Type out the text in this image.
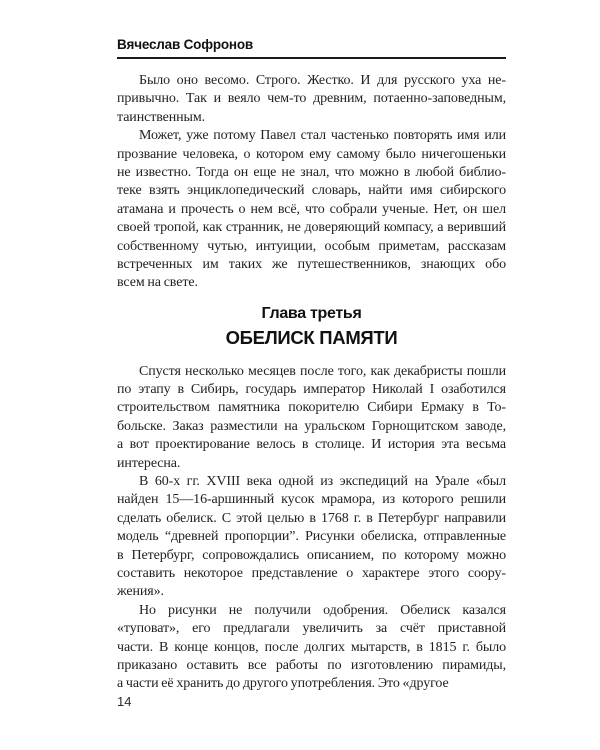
Вячеслав Софронов
Было оно весомо. Строго. Жестко. И для русского уха не-
привычно. Так и веяло чем-то древним, потаенно-заповедным,
таинственным.
Может, уже потому Павел стал частенько повторять имя или
прозвание человека, о котором ему самому было ничегошеньки
не известно. Тогда он еще не знал, что можно в любой библио-
теке взять энциклопедический словарь, найти имя сибирского
атамана и прочесть о нем всё, что собрали ученые. Нет, он шел
своей тропой, как странник, не доверяющий компасу, а веривший
собственному чутью, интуиции, особым приметам, рассказам
встреченных им таких же путешественников, знающих обо
всем на свете.
Глава третья
ОБЕЛИСК ПАМЯТИ
Спустя несколько месяцев после того, как декабристы пошли
по этапу в Сибирь, государь император Николай I озаботился
строительством памятника покорителю Сибири Ермаку в То-
больске. Заказ разместили на уральском Горнощитском заводе,
а вот проектирование велось в столице. И история эта весьма
интересна.
В 60-х гг. XVIII века одной из экспедиций на Урале «был
найден 15—16-аршинный кусок мрамора, из которого решили
сделать обелиск. С этой целью в 1768 г. в Петербург направили
модель “древней пропорции”. Рисунки обелиска, отправленные
в Петербург, сопровождались описанием, по которому можно
составить некоторое представление о характере этого соору-
жения».
Но рисунки не получили одобрения. Обелиск казался
«туповат», его предлагали увеличить за счёт приставной
части. В конце концов, после долгих мытарств, в 1815 г. было
приказано оставить все работы по изготовлению пирамиды,
а части её хранить до другого употребления. Это «другое
14
